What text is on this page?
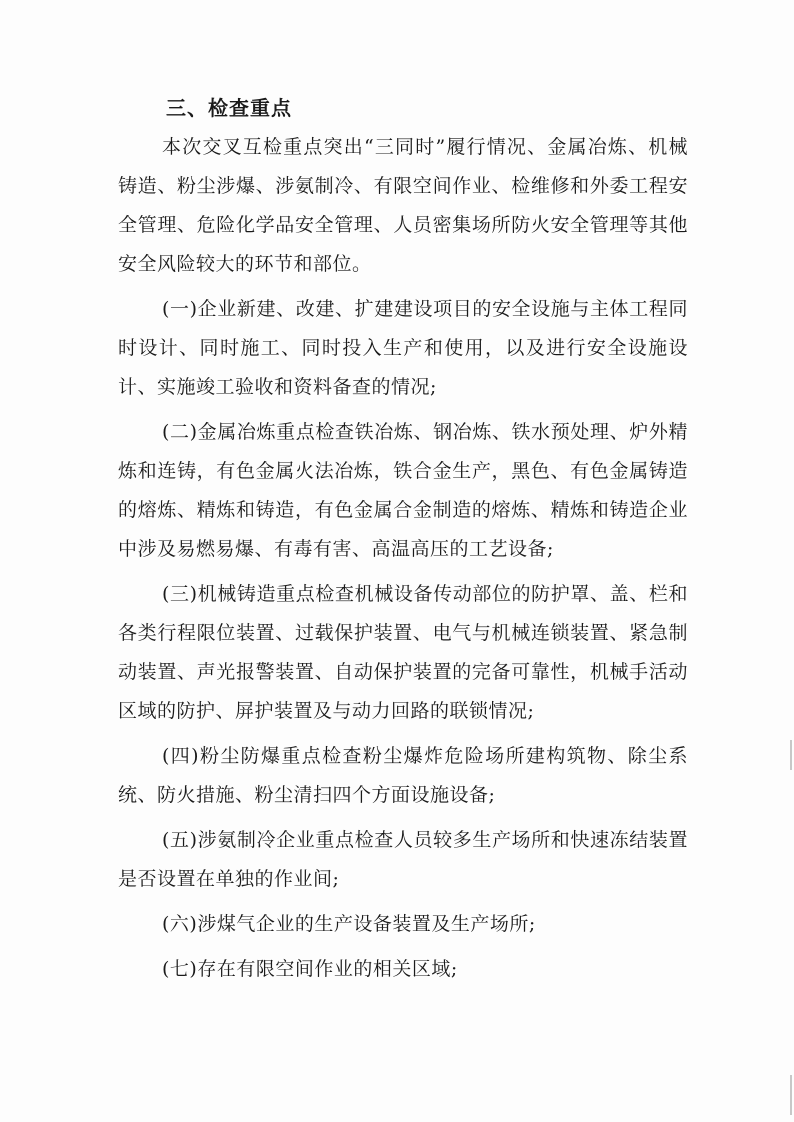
三、检查重点

本次交叉互检重点突出“三同时”履行情况、金属冶炼、机械铸造、粉尘涉爆、涉氨制冷、有限空间作业、检维修和外委工程安全管理、危险化学品安全管理、人员密集场所防火安全管理等其他安全风险较大的环节和部位。

(一)企业新建、改建、扩建建设项目的安全设施与主体工程同时设计、同时施工、同时投入生产和使用，以及进行安全设施设计、实施竣工验收和资料备查的情况;

(二)金属冶炼重点检查铁冶炼、钢冶炼、铁水预处理、炉外精炼和连铸，有色金属火法冶炼，铁合金生产，黑色、有色金属铸造的熔炼、精炼和铸造，有色金属合金制造的熔炼、精炼和铸造企业中涉及易燃易爆、有毒有害、高温高压的工艺设备;

(三)机械铸造重点检查机械设备传动部位的防护罩、盖、栏和各类行程限位装置、过载保护装置、电气与机械连锁装置、紧急制动装置、声光报警装置、自动保护装置的完备可靠性，机械手活动区域的防护、屏护装置及与动力回路的联锁情况;

(四)粉尘防爆重点检查粉尘爆炸危险场所建构筑物、除尘系统、防火措施、粉尘清扫四个方面设施设备;

(五)涉氨制冷企业重点检查人员较多生产场所和快速冻结装置是否设置在单独的作业间;

(六)涉煤气企业的生产设备装置及生产场所;

(七)存在有限空间作业的相关区域;
